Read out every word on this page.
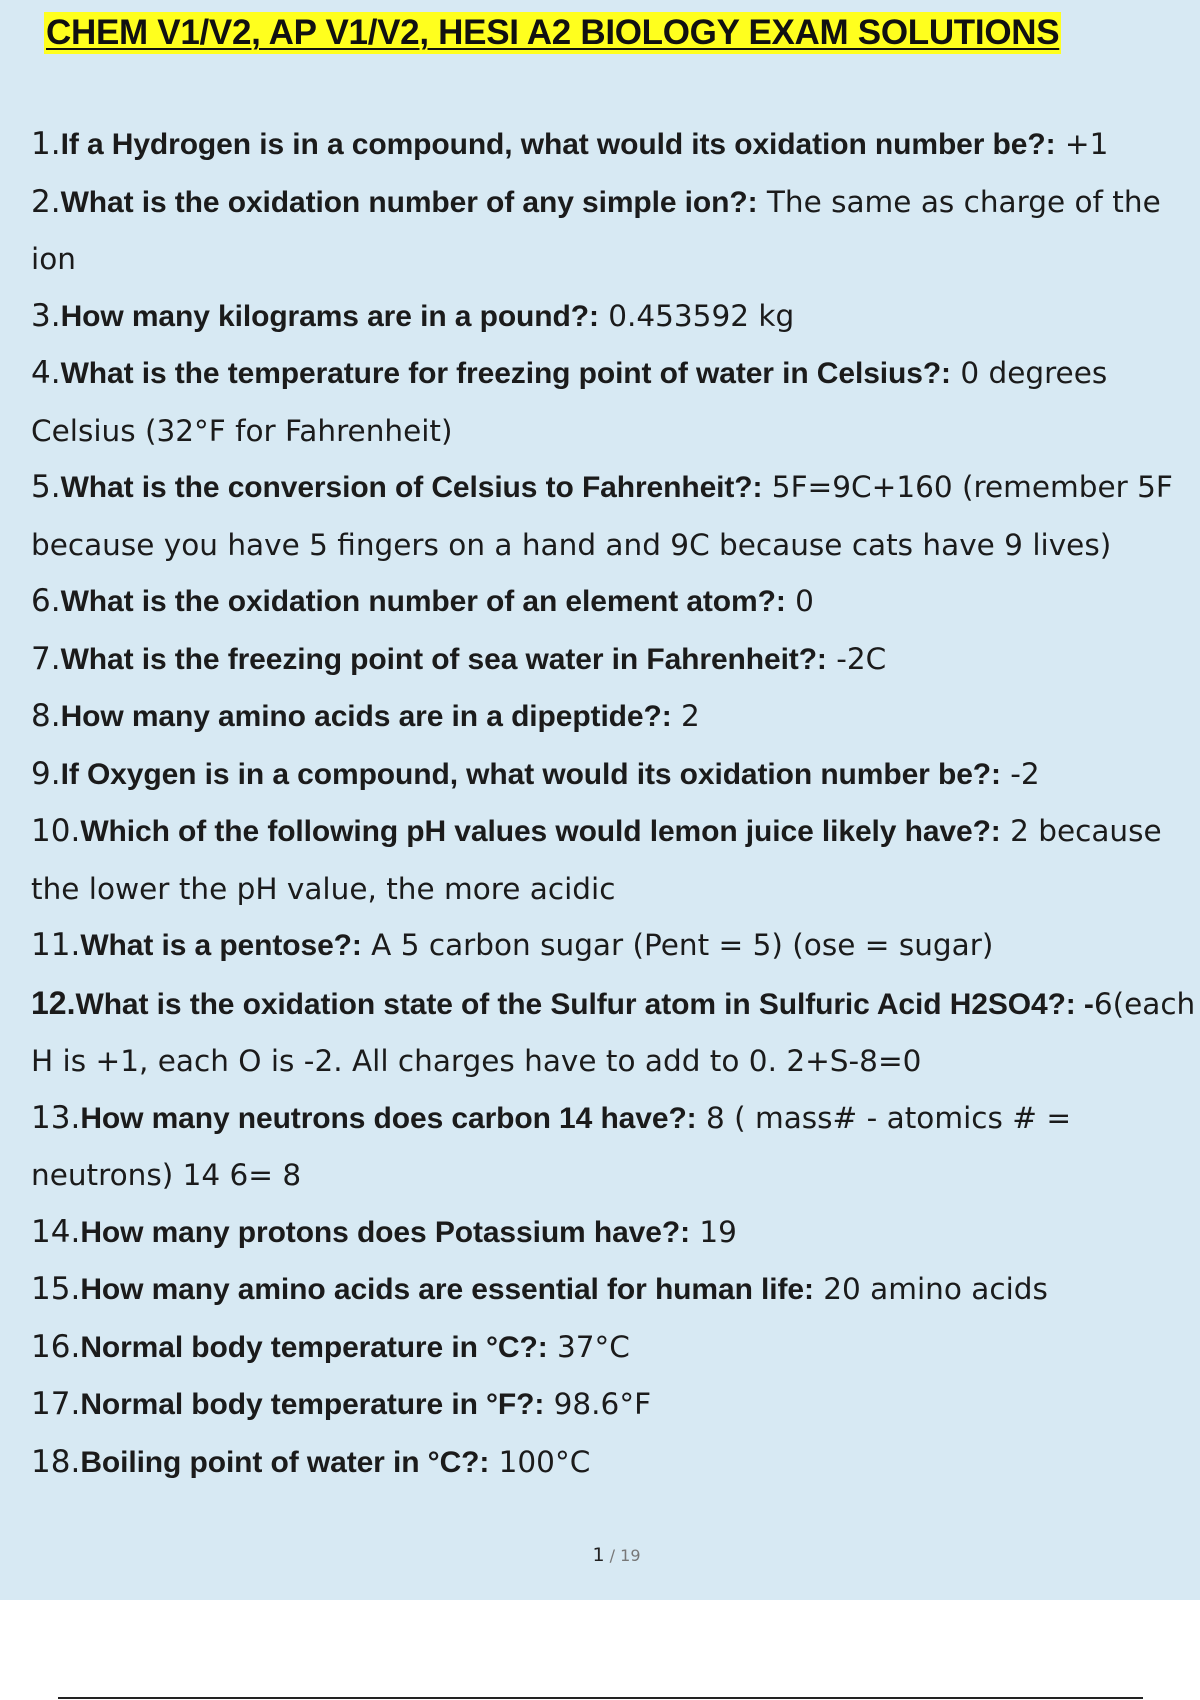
CHEM V1/V2, AP V1/V2, HESI A2 BIOLOGY EXAM SOLUTIONS
1.If a Hydrogen is in a compound, what would its oxidation number be?: +1
2.What is the oxidation number of any simple ion?: The same as charge of the ion
3.How many kilograms are in a pound?: 0.453592 kg
4.What is the temperature for freezing point of water in Celsius?: 0 degrees Celsius (32°F for Fahrenheit)
5.What is the conversion of Celsius to Fahrenheit?: 5F=9C+160 (remember 5F because you have 5 fingers on a hand and 9C because cats have 9 lives)
6.What is the oxidation number of an element atom?: 0
7.What is the freezing point of sea water in Fahrenheit?: -2C
8.How many amino acids are in a dipeptide?: 2
9.If Oxygen is in a compound, what would its oxidation number be?: -2
10.Which of the following pH values would lemon juice likely have?: 2 because the lower the pH value, the more acidic
11.What is a pentose?: A 5 carbon sugar (Pent = 5) (ose = sugar)
12.What is the oxidation state of the Sulfur atom in Sulfuric Acid H2SO4?: -6(each H is +1, each O is -2. All charges have to add to 0. 2+S-8=0
13.How many neutrons does carbon 14 have?: 8 ( mass# - atomics # = neutrons) 14 6= 8
14.How many protons does Potassium have?: 19
15.How many amino acids are essential for human life: 20 amino acids
16.Normal body temperature in °C?: 37°C
17.Normal body temperature in °F?: 98.6°F
18.Boiling point of water in °C?: 100°C
1 / 19
